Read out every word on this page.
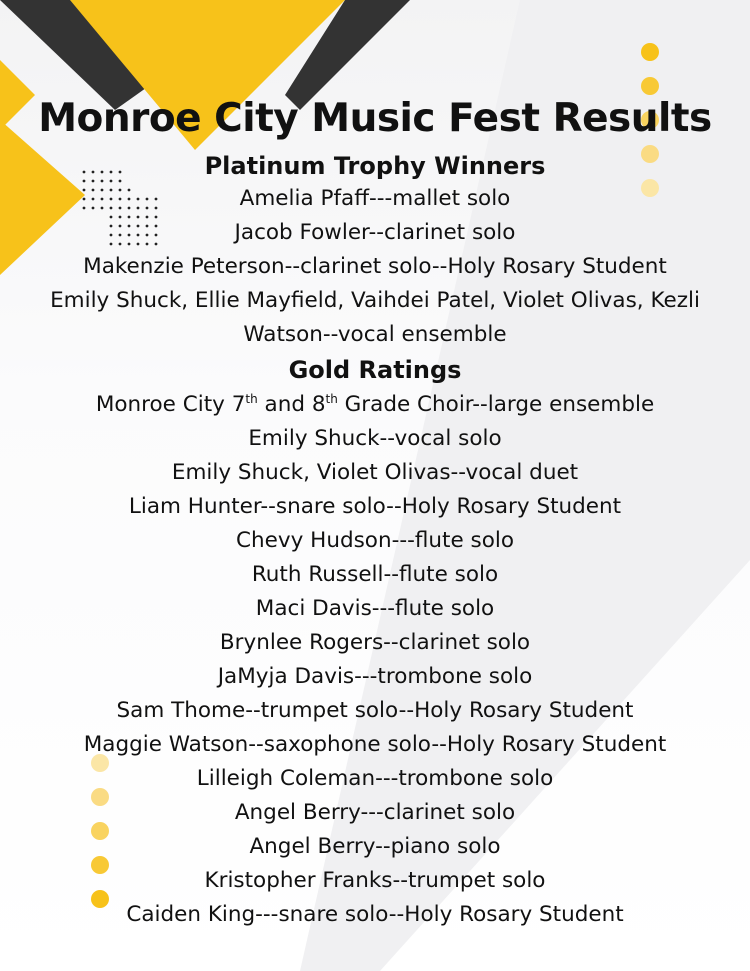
Monroe City Music Fest Results
Platinum Trophy Winners
Amelia Pfaff---mallet solo
Jacob Fowler--clarinet solo
Makenzie Peterson--clarinet solo--Holy Rosary Student
Emily Shuck, Ellie Mayfield, Vaihdei Patel, Violet Olivas, Kezli
Watson--vocal ensemble
Gold Ratings
Monroe City 7th and 8th Grade Choir--large ensemble
Emily Shuck--vocal solo
Emily Shuck, Violet Olivas--vocal duet
Liam Hunter--snare solo--Holy Rosary Student
Chevy Hudson---flute solo
Ruth Russell--flute solo
Maci Davis---flute solo
Brynlee Rogers--clarinet solo
JaMyja Davis---trombone solo
Sam Thome--trumpet solo--Holy Rosary Student
Maggie Watson--saxophone solo--Holy Rosary Student
Lilleigh Coleman---trombone solo
Angel Berry---clarinet solo
Angel Berry--piano solo
Kristopher Franks--trumpet solo
Caiden King---snare solo--Holy Rosary Student
